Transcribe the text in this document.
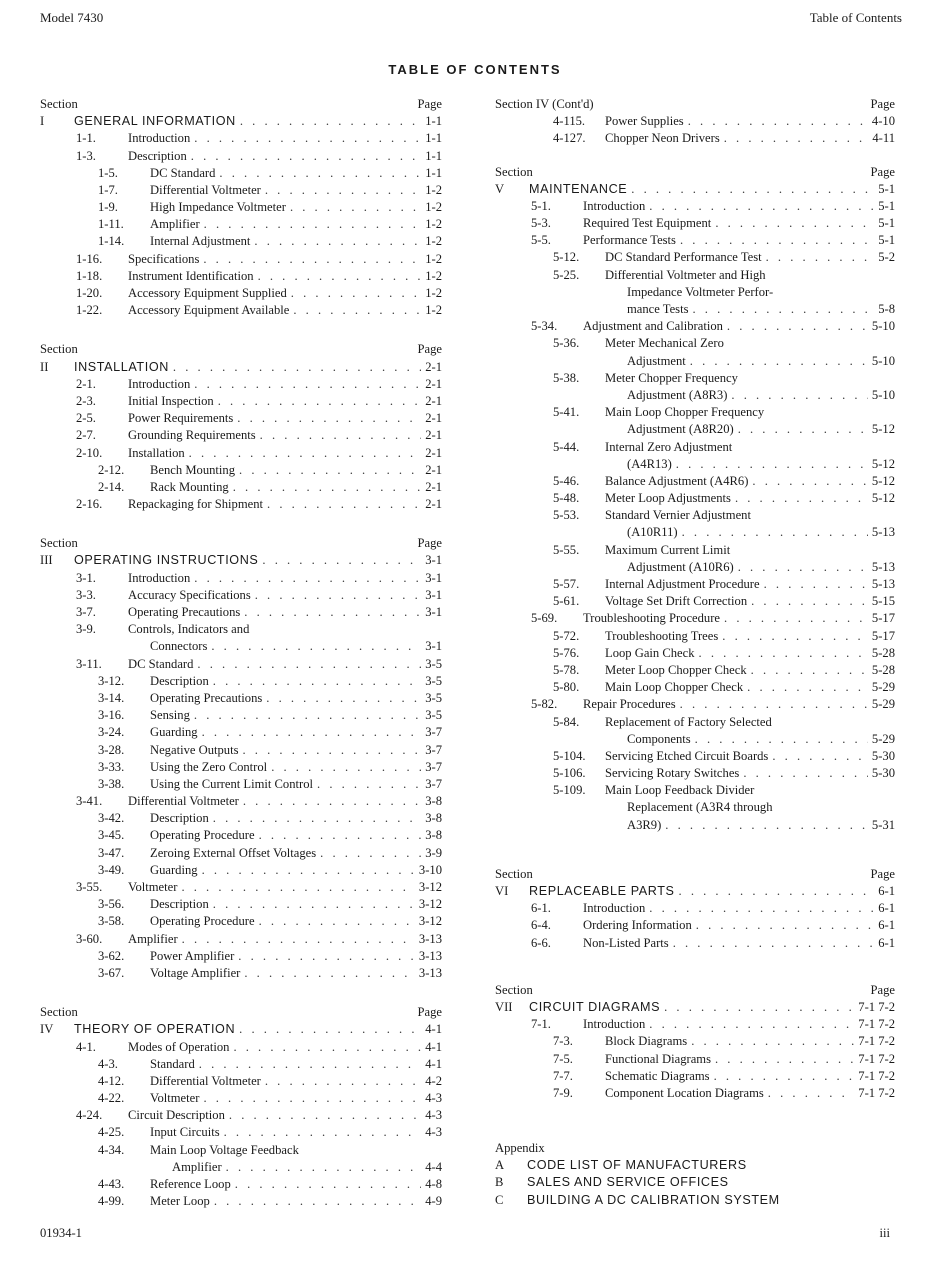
Model 7430	Table of Contents
TABLE OF CONTENTS
Section	Page
I	GENERAL INFORMATION . . .	1-1
1-1.	Introduction . . .	1-1
1-3.	Description . . .	1-1
1-5.	DC Standard . . .	1-1
1-7.	Differential Voltmeter . . .	1-2
1-9.	High Impedance Voltmeter . . .	1-2
1-11.	Amplifier . . .	1-2
1-14.	Internal Adjustment . . .	1-2
1-16.	Specifications . . .	1-2
1-18.	Instrument Identification . . .	1-2
1-20.	Accessory Equipment Supplied . . .	1-2
1-22.	Accessory Equipment Available . . .	1-2
Section	Page
II	INSTALLATION . . .	2-1
2-1.	Introduction . . .	2-1
2-3.	Initial Inspection . . .	2-1
2-5.	Power Requirements . . .	2-1
2-7.	Grounding Requirements . . .	2-1
2-10.	Installation . . .	2-1
2-12.	Bench Mounting . . .	2-1
2-14.	Rack Mounting . . .	2-1
2-16.	Repackaging for Shipment . . .	2-1
Section	Page
III	OPERATING INSTRUCTIONS . . .	3-1
3-1.	Introduction . . .	3-1
3-3.	Accuracy Specifications . . .	3-1
3-7.	Operating Precautions . . .	3-1
3-9.	Controls, Indicators and
Connectors . . .	3-1
3-11.	DC Standard . . .	3-5
3-12.	Description . . .	3-5
3-14.	Operating Precautions . . .	3-5
3-16.	Sensing . . .	3-5
3-24.	Guarding . . .	3-7
3-28.	Negative Outputs . . .	3-7
3-33.	Using the Zero Control . . .	3-7
3-38.	Using the Current Limit Control . . .	3-7
3-41.	Differential Voltmeter . . .	3-8
3-42.	Description . . .	3-8
3-45.	Operating Procedure . . .	3-8
3-47.	Zeroing External Offset Voltages . . .	3-9
3-49.	Guarding . . .	3-10
3-55.	Voltmeter . . .	3-12
3-56.	Description . . .	3-12
3-58.	Operating Procedure . . .	3-12
3-60.	Amplifier . . .	3-13
3-62.	Power Amplifier . . .	3-13
3-67.	Voltage Amplifier . . .	3-13
Section	Page
IV	THEORY OF OPERATION . . .	4-1
4-1.	Modes of Operation . . .	4-1
4-3.	Standard . . .	4-1
4-12.	Differential Voltmeter . . .	4-2
4-22.	Voltmeter . . .	4-3
4-24.	Circuit Description . . .	4-3
4-25.	Input Circuits . . .	4-3
4-34.	Main Loop Voltage Feedback
Amplifier . . .	4-4
4-43.	Reference Loop . . .	4-8
4-99.	Meter Loop . . .	4-9
Section IV (Cont'd)	Page
4-115.	Power Supplies . . .	4-10
4-127.	Chopper Neon Drivers . . .	4-11
Section	Page
V	MAINTENANCE . . .	5-1
5-1.	Introduction . . .	5-1
5-3.	Required Test Equipment . . .	5-1
5-5.	Performance Tests . . .	5-1
5-12.	DC Standard Performance Test . . .	5-2
5-25.	Differential Voltmeter and High
Impedance Voltmeter Perfor-
mance Tests . . .	5-8
5-34.	Adjustment and Calibration . . .	5-10
5-36.	Meter Mechanical Zero
Adjustment . . .	5-10
5-38.	Meter Chopper Frequency
Adjustment (A8R3) . . .	5-10
5-41.	Main Loop Chopper Frequency
Adjustment (A8R20) . . .	5-12
5-44.	Internal Zero Adjustment
(A4R13) . . .	5-12
5-46.	Balance Adjustment (A4R6) . . .	5-12
5-48.	Meter Loop Adjustments . . .	5-12
5-53.	Standard Vernier Adjustment
(A10R11) . . .	5-13
5-55.	Maximum Current Limit
Adjustment (A10R6) . . .	5-13
5-57.	Internal Adjustment Procedure . . .	5-13
5-61.	Voltage Set Drift Correction . . .	5-15
5-69.	Troubleshooting Procedure . . .	5-17
5-72.	Troubleshooting Trees . . .	5-17
5-76.	Loop Gain Check . . .	5-28
5-78.	Meter Loop Chopper Check . . .	5-28
5-80.	Main Loop Chopper Check . . .	5-29
5-82.	Repair Procedures . . .	5-29
5-84.	Replacement of Factory Selected
Components . . .	5-29
5-104.	Servicing Etched Circuit Boards . . .	5-30
5-106.	Servicing Rotary Switches . . .	5-30
5-109.	Main Loop Feedback Divider
Replacement (A3R4 through
A3R9) . . .	5-31
Section	Page
VI	REPLACEABLE PARTS . . .	6-1
6-1.	Introduction . . .	6-1
6-4.	Ordering Information . . .	6-1
6-6.	Non-Listed Parts . . .	6-1
Section	Page
VII	CIRCUIT DIAGRAMS . . .	7-1 7-2
7-1.	Introduction . . .	7-1 7-2
7-3.	Block Diagrams . . .	7-1 7-2
7-5.	Functional Diagrams . . .	7-1 7-2
7-7.	Schematic Diagrams . . .	7-1 7-2
7-9.	Component Location Diagrams . . .	7-1 7-2
Appendix
A	CODE LIST OF MANUFACTURERS
B	SALES AND SERVICE OFFICES
C	BUILDING A DC CALIBRATION SYSTEM
01934-1	iii
